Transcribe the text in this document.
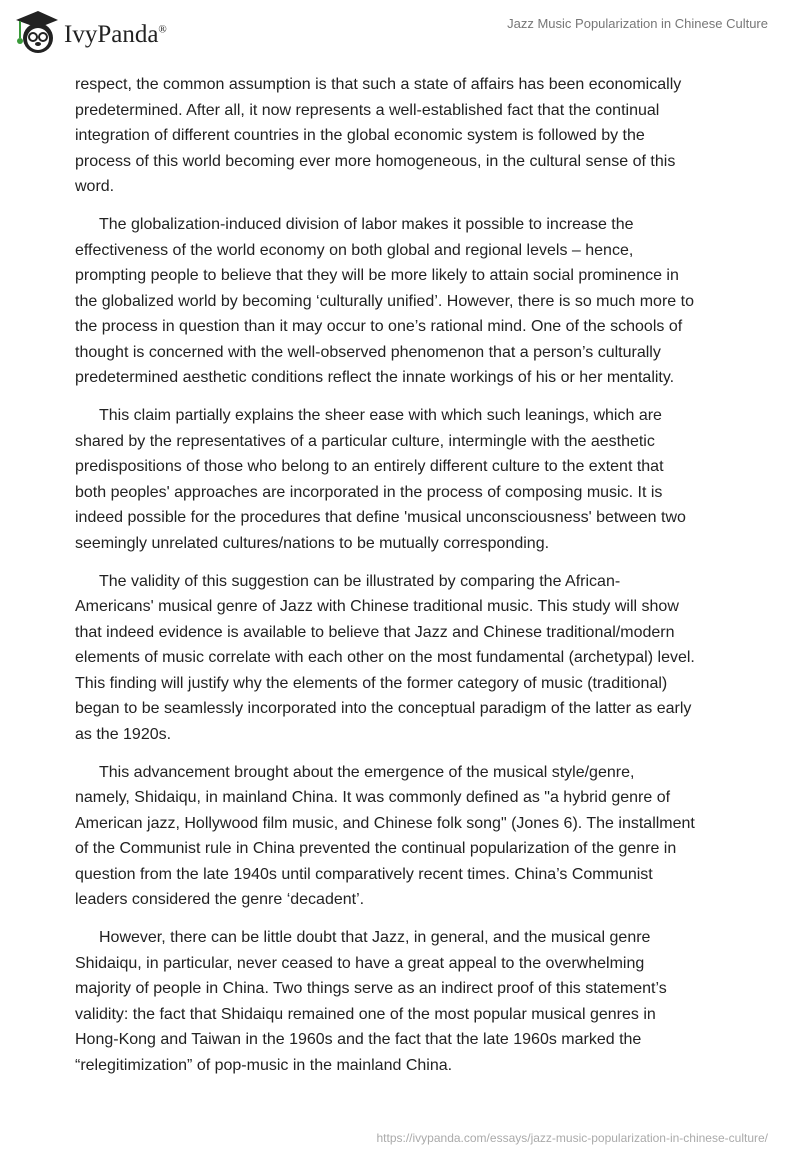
IvyPanda®	Jazz Music Popularization in Chinese Culture

respect, the common assumption is that such a state of affairs has been economically
predetermined. After all, it now represents a well-established fact that the continual
integration of different countries in the global economic system is followed by the
process of this world becoming ever more homogeneous, in the cultural sense of this
word.

The globalization-induced division of labor makes it possible to increase the
effectiveness of the world economy on both global and regional levels – hence,
prompting people to believe that they will be more likely to attain social prominence in
the globalized world by becoming ‘culturally unified’. However, there is so much more to
the process in question than it may occur to one’s rational mind. One of the schools of
thought is concerned with the well-observed phenomenon that a person’s culturally
predetermined aesthetic conditions reflect the innate workings of his or her mentality.

This claim partially explains the sheer ease with which such leanings, which are
shared by the representatives of a particular culture, intermingle with the aesthetic
predispositions of those who belong to an entirely different culture to the extent that
both peoples' approaches are incorporated in the process of composing music. It is
indeed possible for the procedures that define 'musical unconsciousness' between two
seemingly unrelated cultures/nations to be mutually corresponding.

The validity of this suggestion can be illustrated by comparing the African-
Americans' musical genre of Jazz with Chinese traditional music. This study will show
that indeed evidence is available to believe that Jazz and Chinese traditional/modern
elements of music correlate with each other on the most fundamental (archetypal) level.
This finding will justify why the elements of the former category of music (traditional)
began to be seamlessly incorporated into the conceptual paradigm of the latter as early
as the 1920s.

This advancement brought about the emergence of the musical style/genre,
namely, Shidaiqu, in mainland China. It was commonly defined as "a hybrid genre of
American jazz, Hollywood film music, and Chinese folk song" (Jones 6). The installment
of the Communist rule in China prevented the continual popularization of the genre in
question from the late 1940s until comparatively recent times. China’s Communist
leaders considered the genre ‘decadent’.

However, there can be little doubt that Jazz, in general, and the musical genre
Shidaiqu, in particular, never ceased to have a great appeal to the overwhelming
majority of people in China. Two things serve as an indirect proof of this statement’s
validity: the fact that Shidaiqu remained one of the most popular musical genres in
Hong-Kong and Taiwan in the 1960s and the fact that the late 1960s marked the
“relegitimization” of pop-music in the mainland China.

https://ivypanda.com/essays/jazz-music-popularization-in-chinese-culture/
